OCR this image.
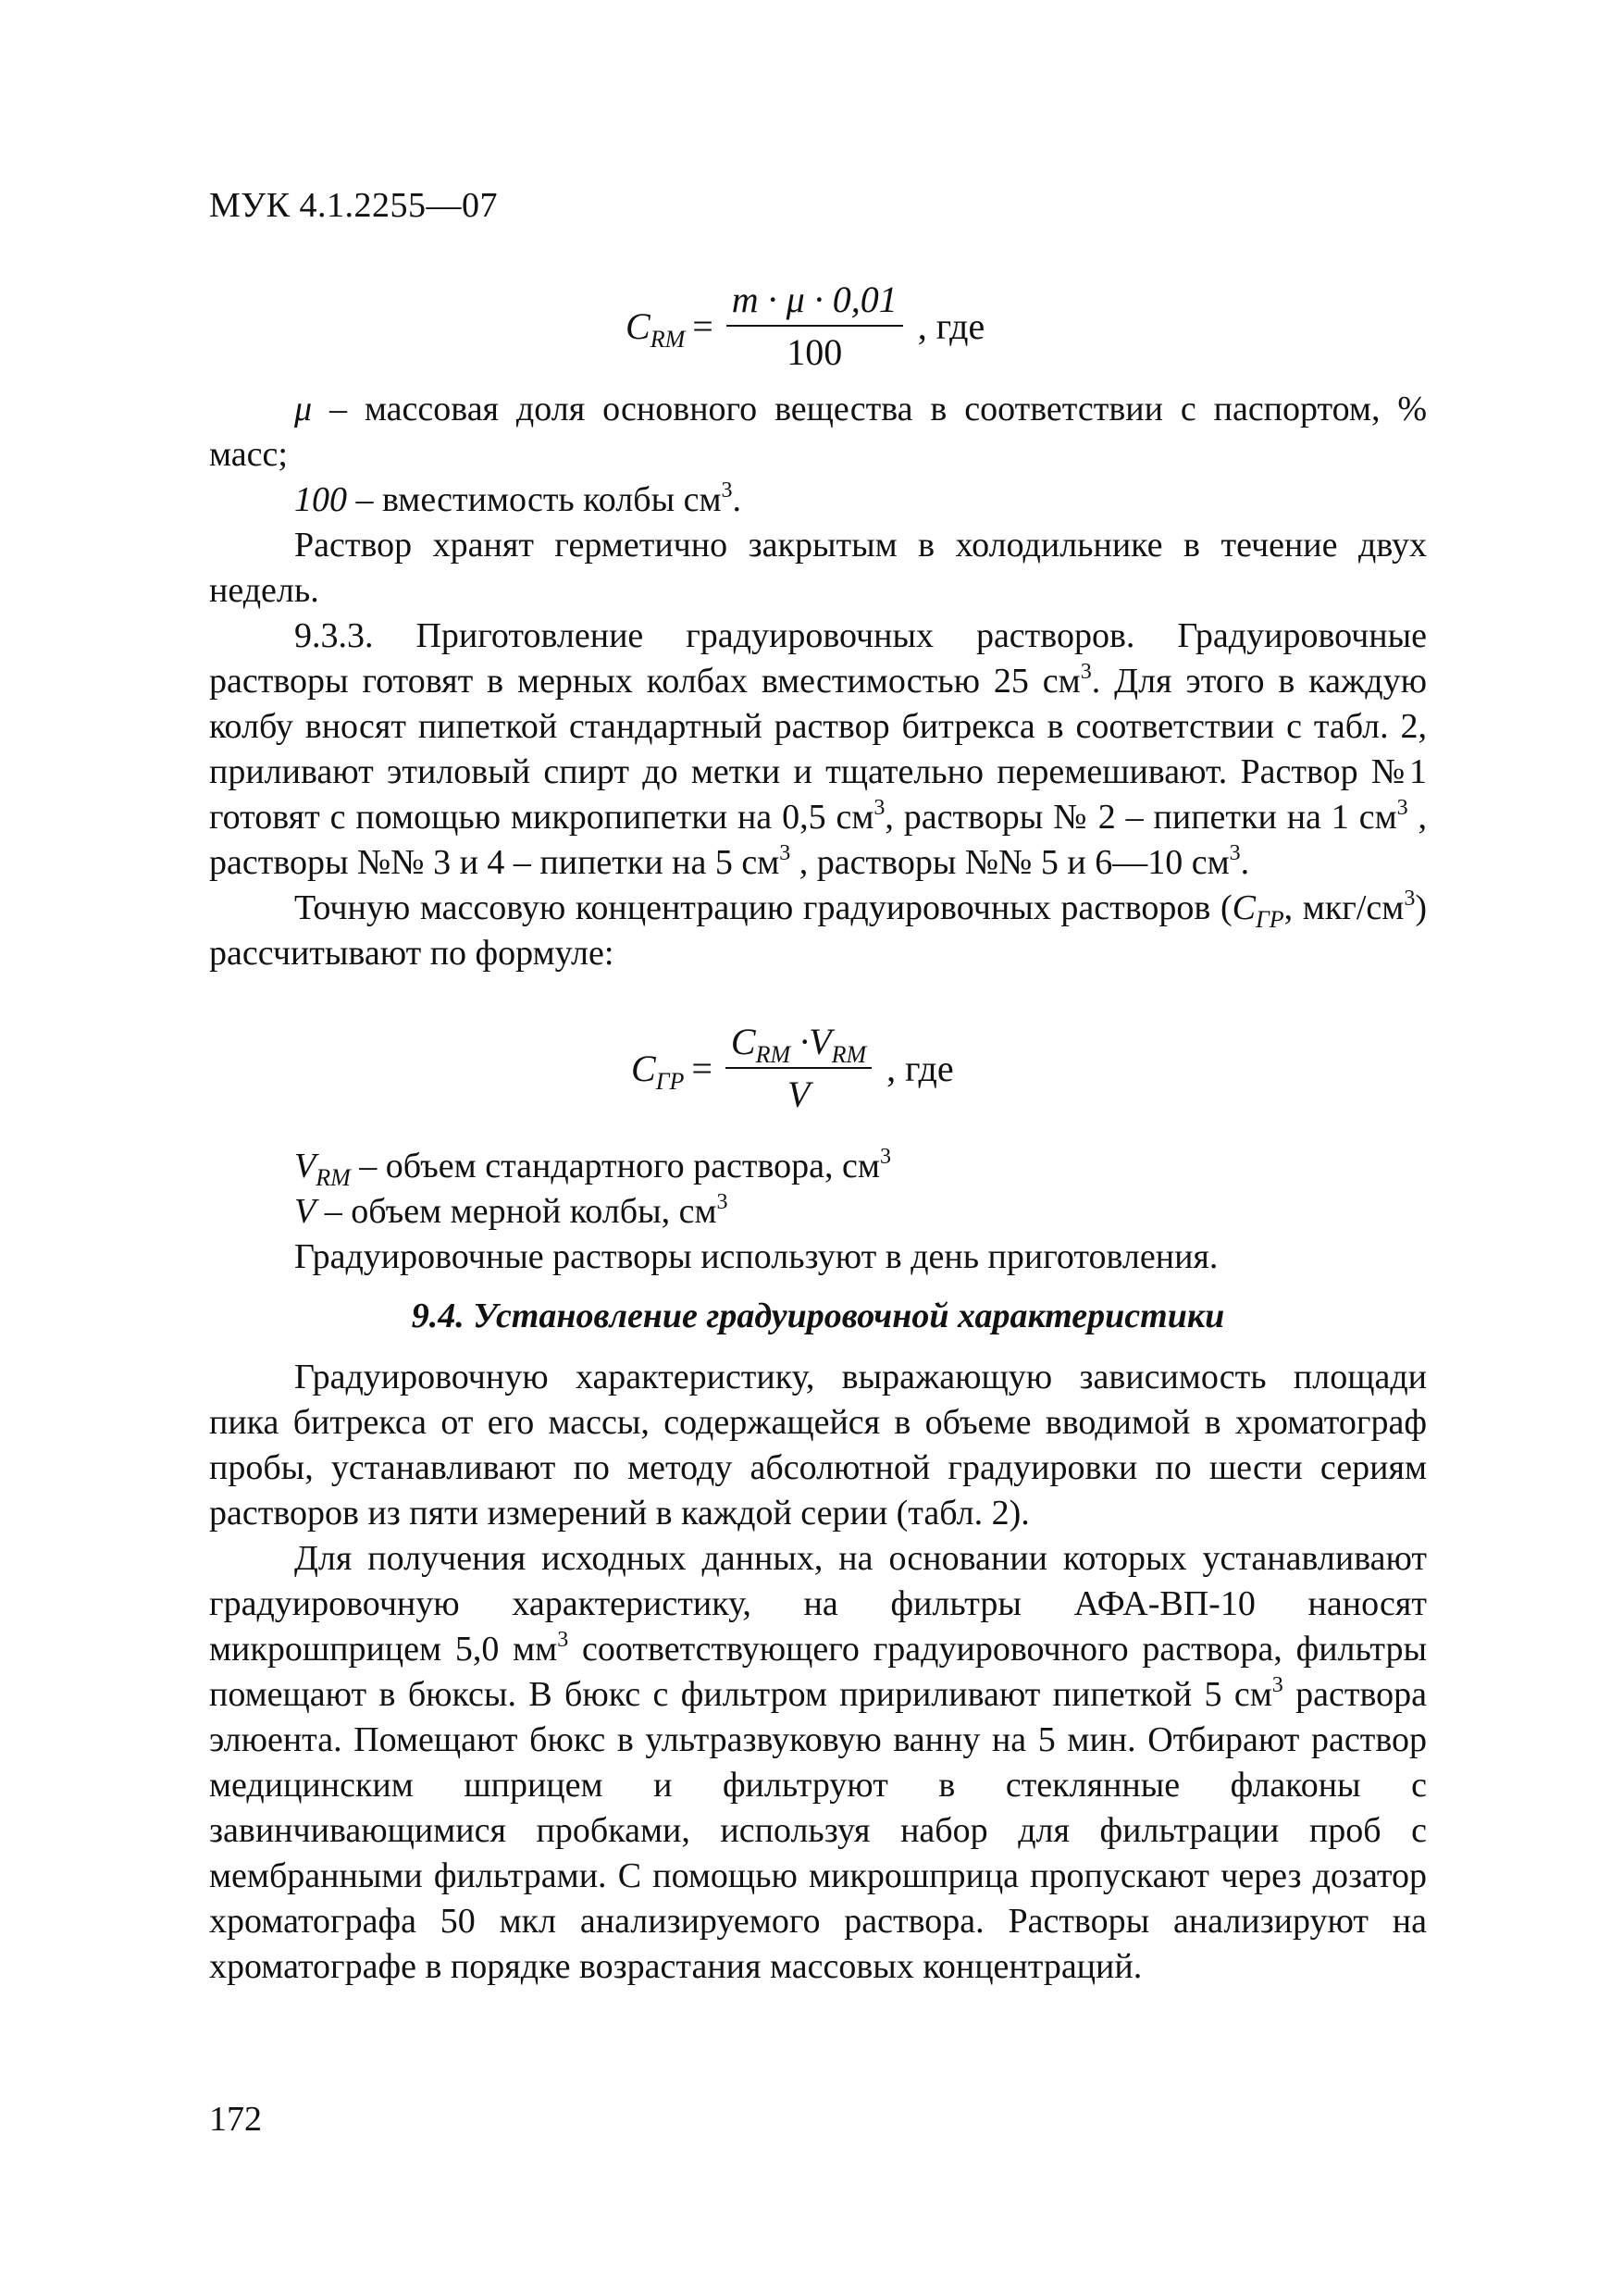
МУК 4.1.2255—07
$C_{RM} = \frac{m \cdot \mu \cdot 0,01}{100}$ , где

μ – массовая доля основного вещества в соответствии с паспортом, % масс;

100 – вместимость колбы $см^3$.

Раствор хранят герметично закрытым в холодильнике в течение двух недель.

9.3.3. Приготовление градуировочных растворов. Градуировочные растворы готовят в мерных колбах вместимостью 25 $см^3$. Для этого в каждую колбу вносят пипеткой стандартный раствор битрекса в соответствии с табл. 2, приливают этиловый спирт до метки и тщательно перемешивают. Раствор №1 готовят с помощью микропипетки на 0,5 $см^3$, растворы № 2 – пипетки на 1 $см^3$ , растворы №№ 3 и 4 – пипетки на 5 $см^3$ , растворы №№ 5 и 6—10 $см^3$.

Точную массовую концентрацию градуировочных растворов ($C_{ГР}$, мкг/$см^3$) рассчитывают по формуле:

$C_{ГР} = \frac{C_{RM} \cdot V_{RM}}{V}$ , где

$V_{RM}$ – объем стандартного раствора, $см^3$

V – объем мерной колбы, $см^3$

Градуировочные растворы используют в день приготовления.

9.4. Установление градуировочной характеристики

Градуировочную характеристику, выражающую зависимость площади пика битрекса от его массы, содержащейся в объеме вводимой в хроматограф пробы, устанавливают по методу абсолютной градуировки по шести сериям растворов из пяти измерений в каждой серии (табл. 2).

Для получения исходных данных, на основании которых устанавливают градуировочную характеристику, на фильтры АФА-ВП-10 наносят микрошприцем 5,0 $мм^3$ соответствующего градуировочного раствора, фильтры помещают в бюксы. В бюкс с фильтром пририливают пипеткой 5 $см^3$ раствора элюента. Помещают бюкс в ультразвуковую ванну на 5 мин. Отбирают раствор медицинским шприцем и фильтруют в стеклянные флаконы с завинчивающимися пробками, используя набор для фильтрации проб с мембранными фильтрами. С помощью микрошприца пропускают через дозатор хроматографа 50 мкл анализируемого раствора. Растворы анализируют на хроматографе в порядке возрастания массовых концентраций.

172
